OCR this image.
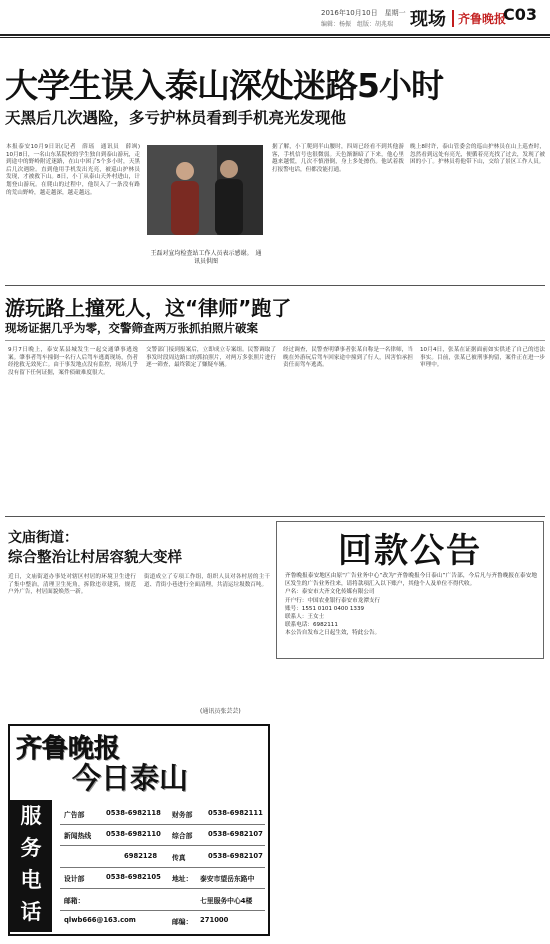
2016年10月10日　星期一
编辑：杨振　组版：胡兆瑞 现场	齐鲁晚报
C03
大学生误入泰山深处迷路5小时
天黑后几次遇险，多亏护林员看到手机亮光发现他
本报泰安10月9日讯(记者　薛瑶　通讯员　薛飒)　10月8日，一名山东某院校的学生独自到泰山游玩，走到途中的野岭附近迷路，在山中困了5个多小时，天黑后几次遇险。直到他用手机发出光亮，被巡山护林员发现，才被救下山。8日，小丁从泰山天外村进山，计划登山游玩。在爬山的过程中，他误入了一条没有路的荒山野岭，越走越深，越走越远。
王磊对宣均检查站工作人员表示感谢。　通讯员供图
据了解，小丁爬到半山腰时，四周已经看不到其他游客，手机信号也很微弱。天色渐渐暗了下来，他心里越来越慌，几次不慎滑倒，身上多处擦伤。他试着拨打报警电话，但都没能打通。
晚上8时许，泰山管委会的巡山护林员在山上巡查时，忽然看到远处有亮光，便循着亮光找了过去，发现了被困的小丁。护林员将他带下山，交给了景区工作人员。
游玩路上撞死人，这“律师”跑了
现场证据几乎为零，交警筛查两万张抓拍照片破案
9月7日晚上，泰安某县城发生一起交通肇事逃逸案。肇事者驾车撞倒一名行人后驾车逃离现场，伤者经抢救无效死亡。由于事发地点没有监控，现场几乎没有留下任何证据，案件侦破难度很大。
交警部门接到报案后，立即成立专案组。民警调取了事发时段周边路口的抓拍照片，对两万多张照片进行逐一筛查，最终锁定了嫌疑车辆。
经过调查，民警查明肇事者张某自称是一名律师，当晚在外游玩后驾车回家途中撞到了行人，因害怕承担责任而驾车逃离。
10月4日，张某在证据面前如实供述了自己的违法事实。目前，张某已被刑事拘留，案件正在进一步审理中。
文庙街道：
综合整治让村居容貌大变样
近日，文庙街道办事处对辖区村居的环境卫生进行了集中整治，清理卫生死角，拆除违章建筑，规范户外广告，村居面貌焕然一新。
街道成立了专项工作组，组织人员对各村居的主干道、背街小巷进行全面清理，共清运垃圾数百吨。
(通讯员张芸芸)
回款公告
齐鲁晚报泰安地区由原“广告业务中心”改为“齐鲁晚报今日泰山”广告部，今后凡与齐鲁晚报在泰安地区发生的广告业务往来，请将款项汇入以下账户，其他个人及单位不得代收。
户名：泰安市大齐文化传媒有限公司
开户行：中国农业银行泰安市龙潭支行
账号：1551 0101 0400 1339
联系人：王女士
联系电话：6982111
本公告自发布之日起生效，特此公告。
齐鲁晚报
今日泰山
服
务
电
话
广告部	0538-6982118 财务部 0538-6982111
新闻热线 0538-6982110 综合部 0538-6982107
6982128 传真	0538-6982107
设计部	0538-6982105 地址： 泰安市望岳东路中
邮箱：	七里服务中心4楼
qlwb666@163.com	邮编： 271000
